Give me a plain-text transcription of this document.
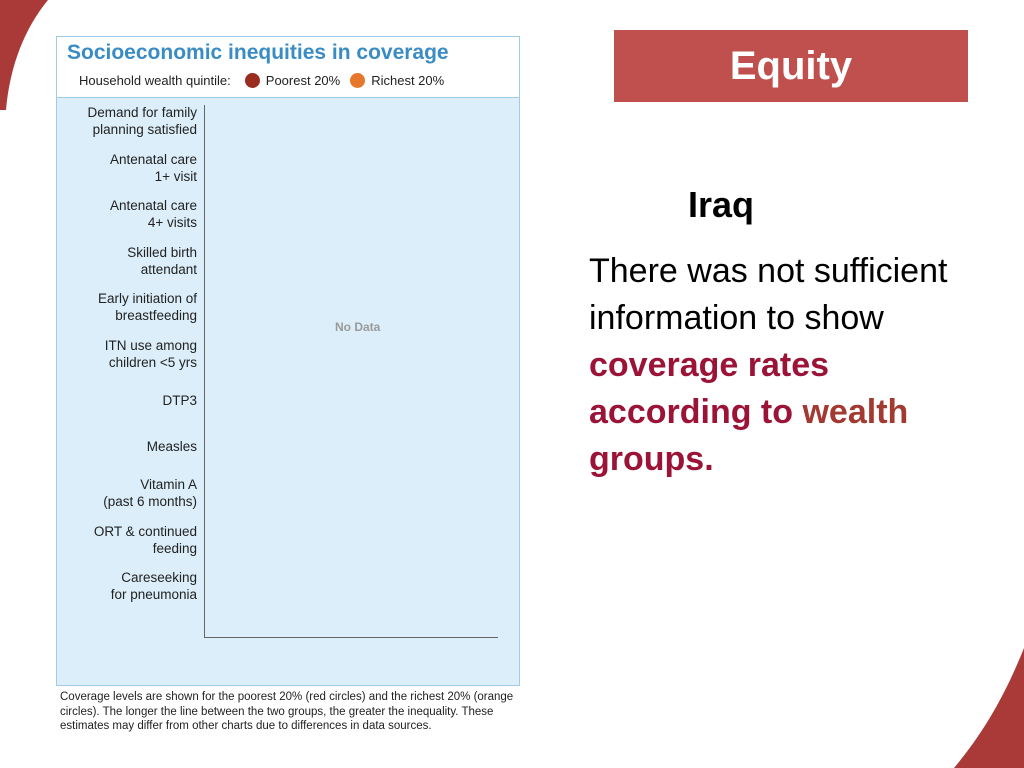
Socioeconomic inequities in coverage
Household wealth quintile:	Poorest 20% Richest 20%
Demand for family
planning satisfied
Antenatal care
1+ visit
Antenatal care
4+ visits
Skilled birth
attendant
Early initiation of
breastfeeding
ITN use among
children <5 yrs
DTP3
Measles
Vitamin A
(past 6 months)
ORT & continued
feeding
Careseeking
for pneumonia
No Data
Coverage levels are shown for the poorest 20% (red circles) and the richest 20% (orange circles). The longer the line between the two groups, the greater the inequality. These estimates may differ from other charts due to differences in data sources.
Equity
Iraq
There was not sufficient information to show coverage rates according to wealth groups.
